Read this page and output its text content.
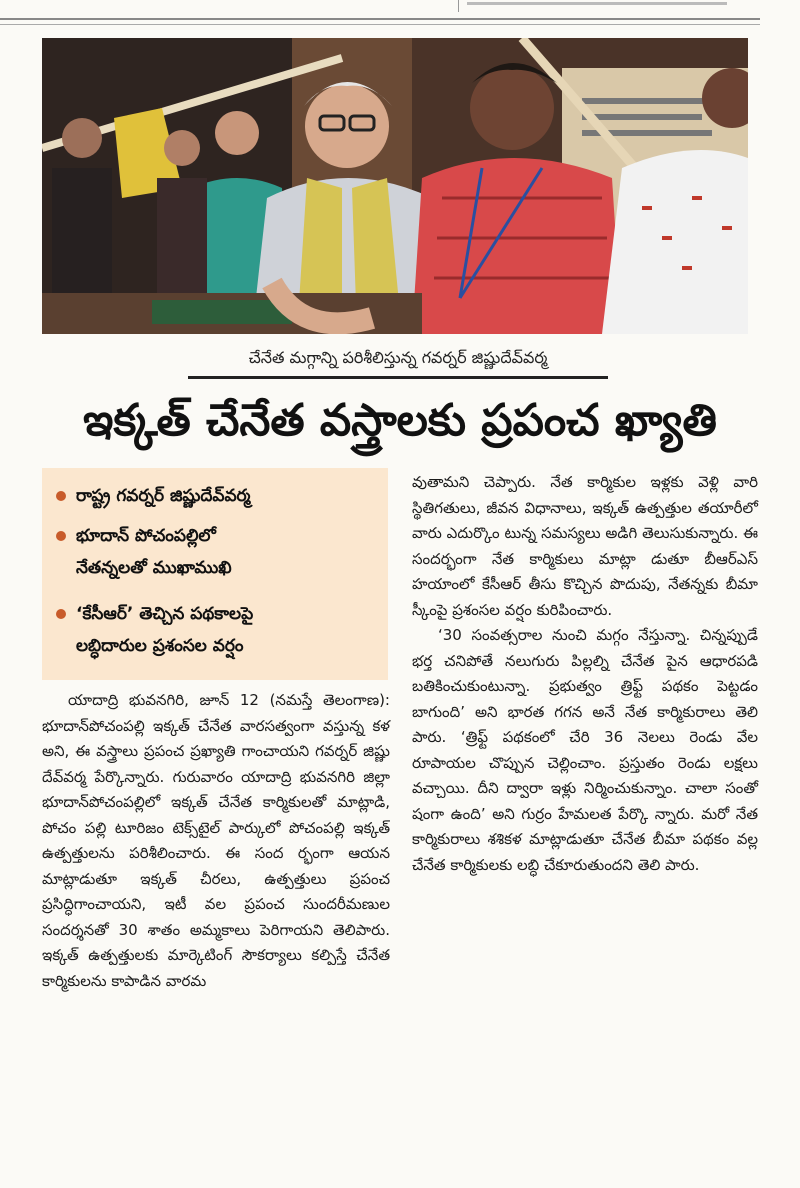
చేనేత మగ్గాన్ని పరిశీలిస్తున్న గవర్నర్ జిష్ణుదేవ్‌వర్మ
ఇక్కత్ చేనేత వస్త్రాలకు ప్రపంచ ఖ్యాతి
రాష్ట్ర గవర్నర్ జిష్ణుదేవ్‌వర్మ
భూదాన్ పోచంపల్లిలో
నేతన్నలతో ముఖాముఖి
‘కేసీఆర్’ తెచ్చిన పథకాలపై
లబ్ధిదారుల ప్రశంసల వర్షం

యాదాద్రి భువనగిరి, జూన్ 12 (నమస్తే తెలంగాణ): భూదాన్‌పోచంపల్లి ఇక్కత్ చేనేత వారసత్వంగా వస్తున్న కళ అని, ఈ వస్త్రాలు ప్రపంచ ప్రఖ్యాతి గాంచాయని గవర్నర్ జిష్ణు దేవ్‌వర్మ పేర్కొన్నారు. గురువారం యాదాద్రి భువనగిరి జిల్లా భూదాన్‌పోచంపల్లిలో ఇక్కత్ చేనేత కార్మికులతో మాట్లాడి, పోచం పల్లి టూరిజం టెక్స్‌టైల్ పార్కులో పోచంపల్లి ఇక్కత్ ఉత్పత్తులను పరిశీలించారు. ఈ సంద ర్భంగా ఆయన మాట్లాడుతూ ఇక్కత్ చీరలు, ఉత్పత్తులు ప్రపంచ ప్రసిద్ధిగాంచాయని, ఇటీ వల ప్రపంచ సుందరీమణుల సందర్శనతో 30 శాతం అమ్మకాలు పెరిగాయని తెలిపారు. ఇక్కత్ ఉత్పత్తులకు మార్కెటింగ్ సౌకర్యాలు కల్పిస్తే చేనేత కార్మికులను కాపాడిన వారమ

వుతామని చెప్పారు. నేత కార్మికుల ఇళ్లకు వెళ్లి వారి స్థితిగతులు, జీవన విధానాలు, ఇక్కత్ ఉత్పత్తుల తయారీలో వారు ఎదుర్కొం టున్న సమస్యలు అడిగి తెలుసుకున్నారు. ఈ సందర్భంగా నేత కార్మికులు మాట్లా డుతూ బీఆర్‌ఎస్ హయాంలో కేసీఆర్ తీసు కొచ్చిన పొదుపు, నేతన్నకు బీమా స్కీంపై ప్రశంసల వర్షం కురిపించారు.

‘30 సంవత్సరాల నుంచి మగ్గం నేస్తున్నా. చిన్నప్పుడే భర్త చనిపోతే నలుగురు పిల్లల్ని చేనేత పైన ఆధారపడి బతికించుకుంటున్నా. ప్రభుత్వం త్రిఫ్ట్ పథకం పెట్టడం బాగుంది’ అని భారత గగన అనే నేత కార్మికురాలు తెలి పారు. ‘త్రిఫ్ట్ పథకంలో చేరి 36 నెలలు రెండు వేల రూపాయల చొప్పున చెల్లించాం. ప్రస్తుతం రెండు లక్షలు వచ్చాయి. దీని ద్వారా ఇళ్లు నిర్మించుకున్నాం. చాలా సంతో షంగా ఉంది’ అని గుర్రం హేమలత పేర్కొ న్నారు. మరో నేత కార్మికురాలు శశికళ మాట్లాడుతూ చేనేత బీమా పథకం వల్ల చేనేత కార్మికులకు లబ్ధి చేకూరుతుందని తెలి పారు.
